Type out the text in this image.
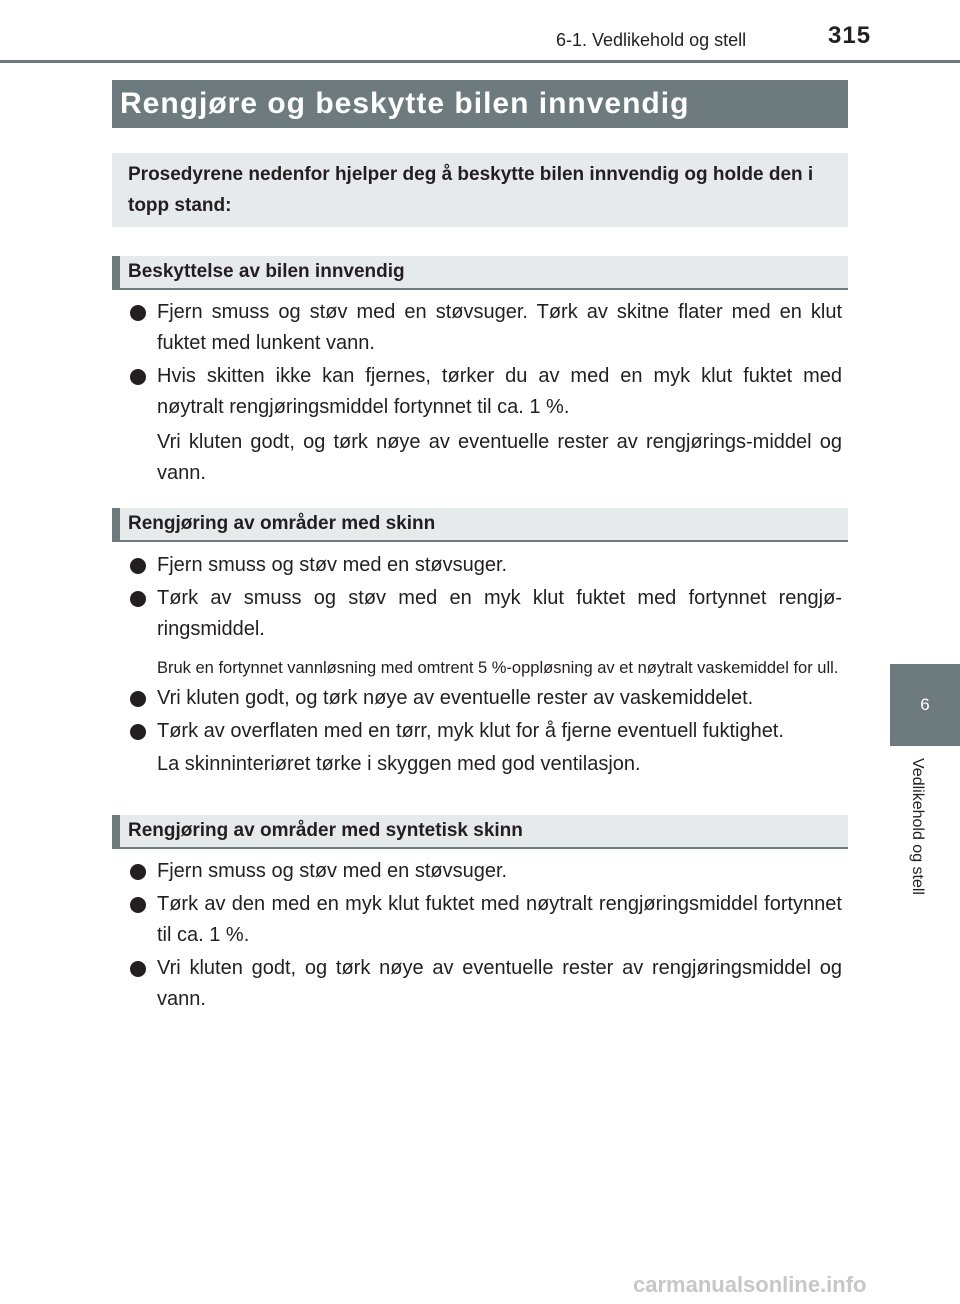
6-1. Vedlikehold og stell	315
6
Vedlikehold og stell
Rengjøre og beskytte bilen innvendig
Prosedyrene nedenfor hjelper deg å beskytte bilen innvendig og holde den i topp stand:
Beskyttelse av bilen innvendig
Fjern smuss og støv med en støvsuger. Tørk av skitne flater med en klut fuktet med lunkent vann.
Hvis skitten ikke kan fjernes, tørker du av med en myk klut fuktet med nøytralt rengjøringsmiddel fortynnet til ca. 1 %.
Vri kluten godt, og tørk nøye av eventuelle rester av rengjørings-middel og vann.
Rengjøring av områder med skinn
Fjern smuss og støv med en støvsuger.
Tørk av smuss og støv med en myk klut fuktet med fortynnet rengjø-ringsmiddel.
Bruk en fortynnet vannløsning med omtrent 5 %-oppløsning av et nøytralt vaskemiddel for ull.
Vri kluten godt, og tørk nøye av eventuelle rester av vaskemiddelet.
Tørk av overflaten med en tørr, myk klut for å fjerne eventuell fuktighet.
La skinninteriøret tørke i skyggen med god ventilasjon.
Rengjøring av områder med syntetisk skinn
Fjern smuss og støv med en støvsuger.
Tørk av den med en myk klut fuktet med nøytralt rengjøringsmiddel fortynnet til ca. 1 %.
Vri kluten godt, og tørk nøye av eventuelle rester av rengjøringsmiddel og vann.
carmanualsonline.info
